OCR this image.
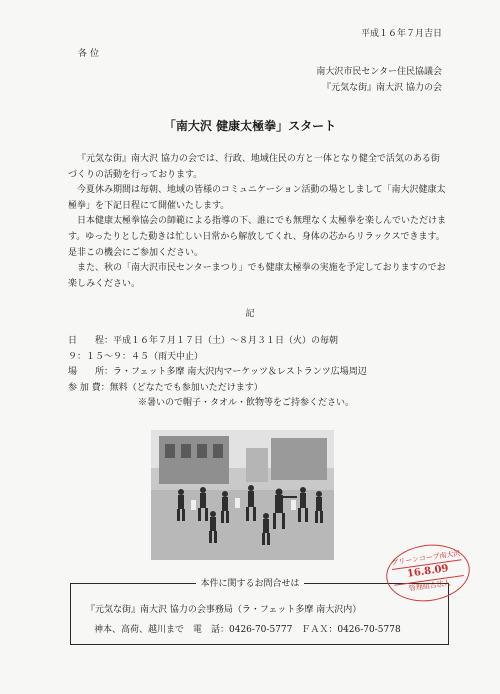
平成１６年７月吉日
各位
南大沢市民センター住民協議会
『元気な街』南大沢 協力の会
「南大沢 健康太極拳」スタート

『元気な街』南大沢 協力の会では、行政、地域住民の方と一体となり健全で活気のある街づくりの活動を行っております。

今夏休み期間は毎朝、地域の皆様のコミュニケーション活動の場としまして「南大沢健康太極拳」を下記日程にて開催いたします。

日本健康太極拳協会の師範による指導の下、誰にでも無理なく太極拳を楽しんでいただけます。ゆったりとした動きは忙しい日常から解放してくれ、身体の芯からリラックスできます。是非この機会にご参加ください。

また、秋の「南大沢市民センターまつり」でも健康太極拳の実施を予定しておりますのでお楽しみください。

記
日　　程：平成１６年７月１７日（土）～８月３１日（火）の毎朝
９：１５～９：４５（雨天中止）
場　　所：ラ・フェット多摩 南大沢内マーケッツ＆レストランツ広場周辺
参 加 費：無料（どなたでも参加いただけます）
※暑いので帽子・タオル・飲物等をご持参ください。
本件に関するお問合せは
『元気な街』南大沢 協力の会事務局（ラ・フェット多摩 南大沢内）
神本、高荷、越川まで　電　話：0426-70-5777　ＦＡＸ：0426-70-5778
グリーンコープ南大沢
16.8.09
管理組合法人
